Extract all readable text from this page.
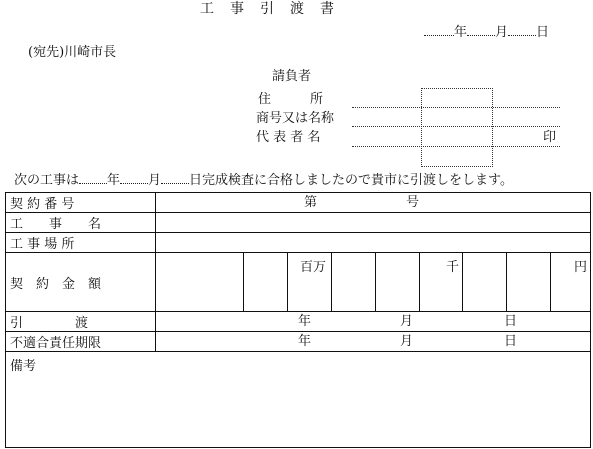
工　事　引　渡　書
年 月 日
(宛先)川崎市長
請負者
住　　　所
商号又は名称
代 表 者 名	印
次の工事は 年 月 日完成検査に合格しましたので貴市に引渡しをします。
契 約 番 号	第 号

工　　事　　名	
工 事 場 所	
契　約　金　額	百万 千 円

引　　　　渡	年 月 日

不適合責任期限	年 月 日

備考	
